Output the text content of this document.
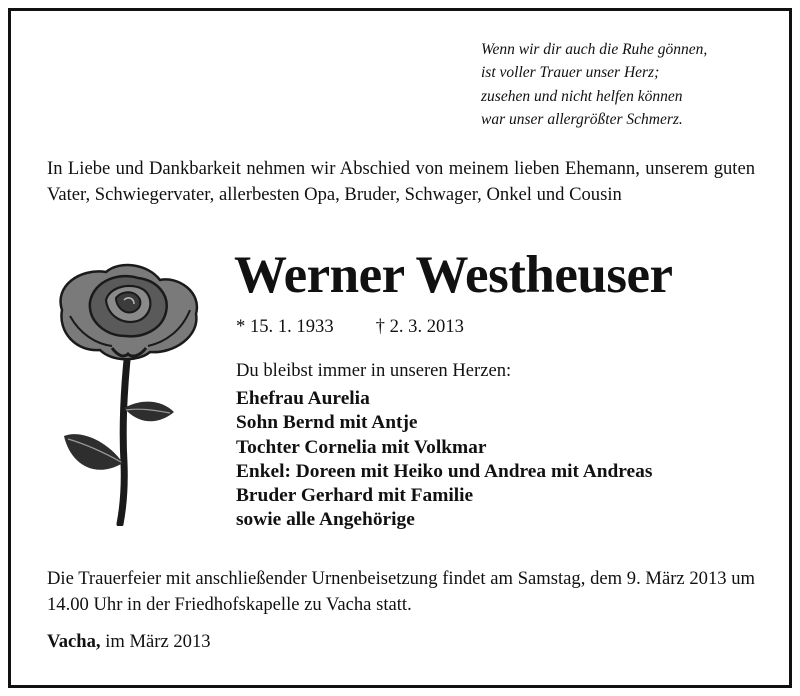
Wenn wir dir auch die Ruhe gönnen,
ist voller Trauer unser Herz;
zusehen und nicht helfen können
war unser allergrößter Schmerz.
In Liebe und Dankbarkeit nehmen wir Abschied von meinem lieben Ehemann, unserem guten Vater, Schwiegervater, allerbesten Opa, Bruder, Schwager, Onkel und Cousin
Werner Westheuser
* 15. 1. 1933 † 2. 3. 2013
Du bleibst immer in unseren Herzen:
Ehefrau Aurelia
Sohn Bernd mit Antje
Tochter Cornelia mit Volkmar
Enkel: Doreen mit Heiko und Andrea mit Andreas
Bruder Gerhard mit Familie
sowie alle Angehörige
Die Trauerfeier mit anschließender Urnenbeisetzung findet am Samstag, dem 9. März 2013 um 14.00 Uhr in der Friedhofskapelle zu Vacha statt.
Vacha, im März 2013
